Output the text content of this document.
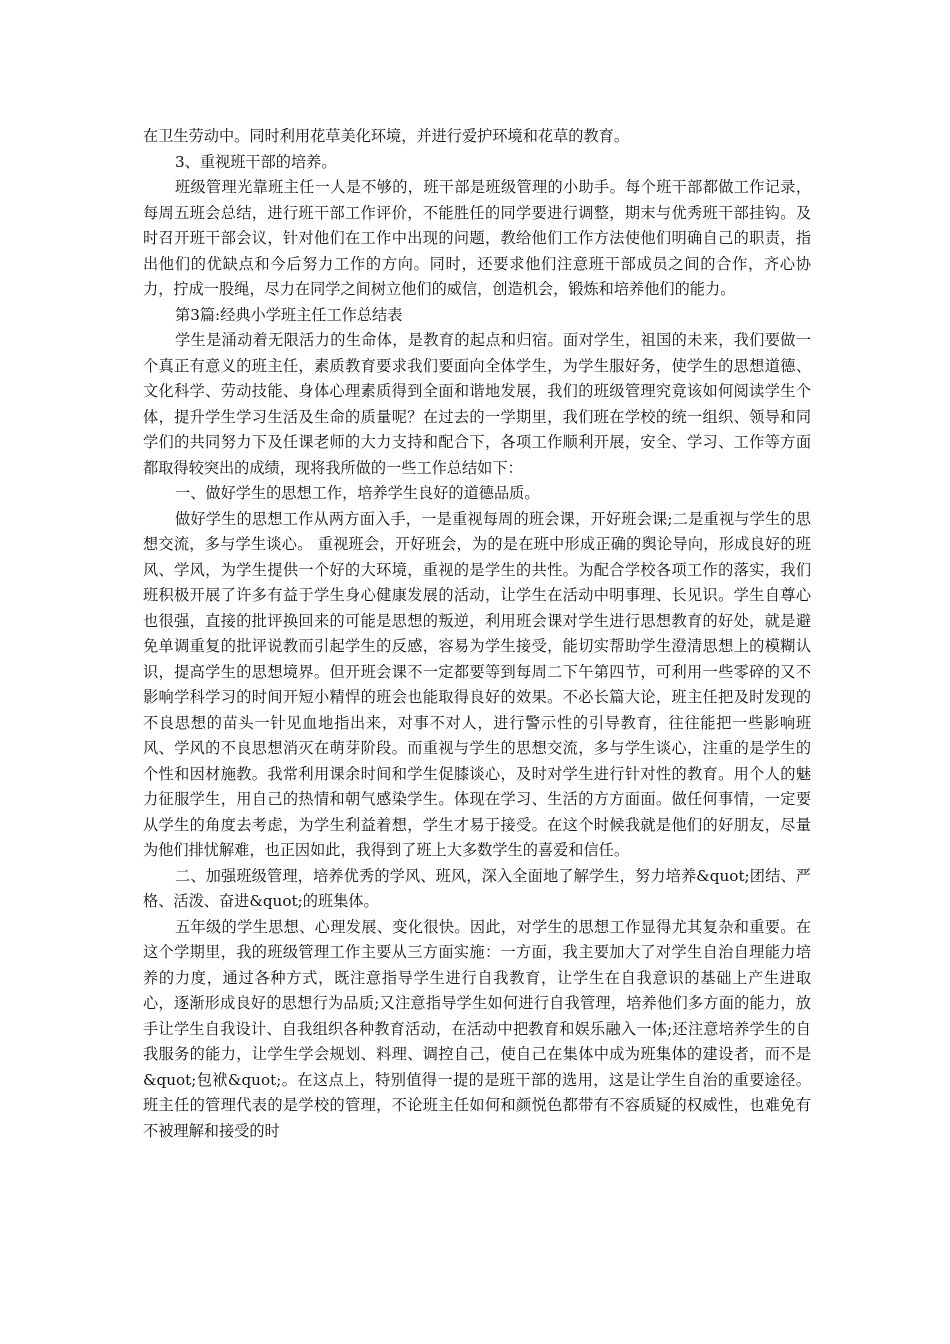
在卫生劳动中。同时利用花草美化环境，并进行爱护环境和花草的教育。

3、重视班干部的培养。

班级管理光靠班主任一人是不够的，班干部是班级管理的小助手。每个班干部都做工作记录，每周五班会总结，进行班干部工作评价，不能胜任的同学要进行调整，期末与优秀班干部挂钩。及时召开班干部会议，针对他们在工作中出现的问题，教给他们工作方法使他们明确自己的职责，指出他们的优缺点和今后努力工作的方向。同时，还要求他们注意班干部成员之间的合作，齐心协力，拧成一股绳，尽力在同学之间树立他们的威信，创造机会，锻炼和培养他们的能力。

第3篇:经典小学班主任工作总结表

学生是涌动着无限活力的生命体，是教育的起点和归宿。面对学生，祖国的未来，我们要做一个真正有意义的班主任，素质教育要求我们要面向全体学生，为学生服好务，使学生的思想道德、文化科学、劳动技能、身体心理素质得到全面和谐地发展，我们的班级管理究竟该如何阅读学生个体，提升学生学习生活及生命的质量呢？在过去的一学期里，我们班在学校的统一组织、领导和同学们的共同努力下及任课老师的大力支持和配合下，各项工作顺利开展，安全、学习、工作等方面都取得较突出的成绩，现将我所做的一些工作总结如下：

一、做好学生的思想工作，培养学生良好的道德品质。

做好学生的思想工作从两方面入手，一是重视每周的班会课，开好班会课;二是重视与学生的思想交流，多与学生谈心。 重视班会，开好班会，为的是在班中形成正确的舆论导向，形成良好的班风、学风，为学生提供一个好的大环境，重视的是学生的共性。为配合学校各项工作的落实，我们班积极开展了许多有益于学生身心健康发展的活动，让学生在活动中明事理、长见识。学生自尊心也很强，直接的批评换回来的可能是思想的叛逆，利用班会课对学生进行思想教育的好处，就是避免单调重复的批评说教而引起学生的反感，容易为学生接受，能切实帮助学生澄清思想上的模糊认识，提高学生的思想境界。但开班会课不一定都要等到每周二下午第四节，可利用一些零碎的又不影响学科学习的时间开短小精悍的班会也能取得良好的效果。不必长篇大论，班主任把及时发现的不良思想的苗头一针见血地指出来，对事不对人，进行警示性的引导教育，往往能把一些影响班风、学风的不良思想消灭在萌芽阶段。而重视与学生的思想交流，多与学生谈心，注重的是学生的个性和因材施教。我常利用课余时间和学生促膝谈心，及时对学生进行针对性的教育。用个人的魅力征服学生，用自己的热情和朝气感染学生。体现在学习、生活的方方面面。做任何事情，一定要从学生的角度去考虑，为学生利益着想，学生才易于接受。在这个时候我就是他们的好朋友，尽量为他们排忧解难，也正因如此，我得到了班上大多数学生的喜爱和信任。

二、加强班级管理，培养优秀的学风、班风，深入全面地了解学生，努力培养&quot;团结、严格、活泼、奋进&quot;的班集体。

五年级的学生思想、心理发展、变化很快。因此，对学生的思想工作显得尤其复杂和重要。在这个学期里，我的班级管理工作主要从三方面实施：一方面，我主要加大了对学生自治自理能力培养的力度，通过各种方式，既注意指导学生进行自我教育，让学生在自我意识的基础上产生进取心，逐渐形成良好的思想行为品质;又注意指导学生如何进行自我管理，培养他们多方面的能力，放手让学生自我设计、自我组织各种教育活动，在活动中把教育和娱乐融入一体;还注意培养学生的自我服务的能力，让学生学会规划、料理、调控自己，使自己在集体中成为班集体的建设者，而不是&quot;包袱&quot;。在这点上，特别值得一提的是班干部的选用，这是让学生自治的重要途径。班主任的管理代表的是学校的管理，不论班主任如何和颜悦色都带有不容质疑的权威性，也难免有不被理解和接受的时
